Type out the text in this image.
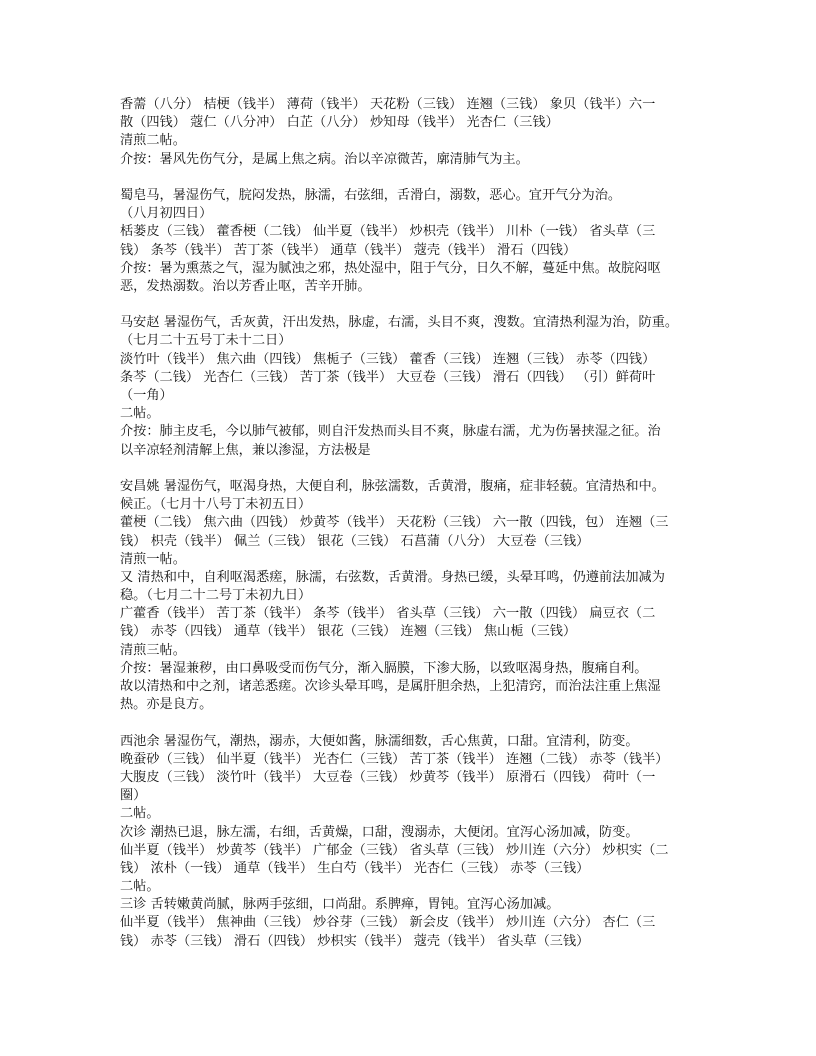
香薷（八分） 桔梗（钱半） 薄荷（钱半） 天花粉（三钱） 连翘（三钱） 象贝（钱半）六一
散（四钱） 蔻仁（八分冲） 白芷（八分） 炒知母（钱半） 光杏仁（三钱）
清煎二帖。
介按：暑风先伤气分，是属上焦之病。治以辛凉微苦，廓清肺气为主。
蜀皂马，暑湿伤气，脘闷发热，脉濡，右弦细，舌滑白，溺数，恶心。宜开气分为治。
（八月初四日）
栝蒌皮（三钱） 藿香梗（二钱） 仙半夏（钱半） 炒枳壳（钱半） 川朴（一钱） 省头草（三
钱） 条芩（钱半） 苦丁茶（钱半） 通草（钱半） 蔻壳（钱半） 滑石（四钱）
介按：暑为熏蒸之气，湿为腻浊之邪，热处湿中，阻于气分，日久不解，蔓延中焦。故脘闷呕
恶，发热溺数。治以芳香止呕，苦辛开肺。
马安赵 暑湿伤气，舌灰黄，汗出发热，脉虚，右濡，头目不爽，溲数。宜清热利湿为治，防重。
（七月二十五号丁未十二日）
淡竹叶（钱半） 焦六曲（四钱） 焦栀子（三钱） 藿香（三钱） 连翘（三钱） 赤苓（四钱）
条芩（二钱） 光杏仁（三钱） 苦丁茶（钱半） 大豆卷（三钱） 滑石（四钱） （引）鲜荷叶
（一角）
二帖。
介按：肺主皮毛，今以肺气被郁，则自汗发热而头目不爽，脉虚右濡，尤为伤暑挟湿之征。治
以辛凉轻剂清解上焦，兼以渗湿，方法极是
安昌姚 暑湿伤气，呕渴身热，大便自利，脉弦濡数，舌黄滑，腹痛，症非轻藐。宜清热和中。
候正。（七月十八号丁未初五日）
藿梗（二钱） 焦六曲（四钱） 炒黄芩（钱半） 天花粉（三钱） 六一散（四钱，包） 连翘（三
钱） 枳壳（钱半） 佩兰（三钱） 银花（三钱） 石菖蒲（八分） 大豆卷（三钱）
清煎一帖。
又 清热和中，自利呕渴悉瘥，脉濡，右弦数，舌黄滑。身热已缓，头晕耳鸣，仍遵前法加减为
稳。（七月二十二号丁未初九日）
广藿香（钱半） 苦丁茶（钱半） 条芩（钱半） 省头草（三钱） 六一散（四钱） 扁豆衣（二
钱） 赤苓（四钱） 通草（钱半） 银花（三钱） 连翘（三钱） 焦山栀（三钱）
清煎三帖。
介按：暑湿兼秽，由口鼻吸受而伤气分，渐入膈膜，下渗大肠，以致呕渴身热，腹痛自利。
故以清热和中之剂，诸恙悉瘥。次诊头晕耳鸣，是属肝胆余热，上犯清窍，而治法注重上焦湿
热。亦是良方。
西池余 暑湿伤气，潮热，溺赤，大便如酱，脉濡细数，舌心焦黄，口甜。宜清利，防变。
晚蚕砂（三钱） 仙半夏（钱半） 光杏仁（三钱） 苦丁茶（钱半） 连翘（二钱） 赤苓（钱半）
大腹皮（三钱） 淡竹叶（钱半） 大豆卷（三钱） 炒黄芩（钱半） 原滑石（四钱） 荷叶（一
圈）
二帖。
次诊 潮热已退，脉左濡，右细，舌黄燥，口甜，溲溺赤，大便闭。宜泻心汤加减，防变。
仙半夏（钱半） 炒黄芩（钱半） 广郁金（三钱） 省头草（三钱） 炒川连（六分） 炒枳实（二
钱） 浓朴（一钱） 通草（钱半） 生白芍（钱半） 光杏仁（三钱） 赤苓（三钱）
二帖。
三诊 舌转嫩黄尚腻，脉两手弦细，口尚甜。系脾瘅，胃钝。宜泻心汤加减。
仙半夏（钱半） 焦神曲（三钱） 炒谷芽（三钱） 新会皮（钱半） 炒川连（六分） 杏仁（三
钱） 赤苓（三钱） 滑石（四钱） 炒枳实（钱半） 蔻壳（钱半） 省头草（三钱）
